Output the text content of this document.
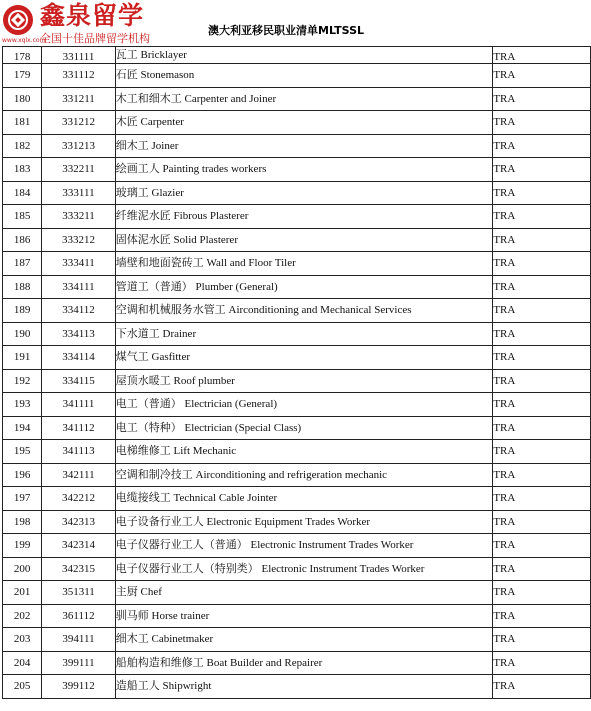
鑫泉留学
www.xqlx.com
全国十佳品牌留学机构
澳大利亚移民职业清单MLTSSL
178	331111	瓦工 Bricklayer	TRA
179	331112	石匠 Stonemason	TRA
180	331211	木工和细木工 Carpenter and Joiner	TRA
181	331212	木匠 Carpenter	TRA
182	331213	细木工 Joiner	TRA
183	332211	绘画工人 Painting trades workers	TRA
184	333111	玻璃工 Glazier	TRA
185	333211	纤维泥水匠 Fibrous Plasterer	TRA
186	333212	固体泥水匠 Solid Plasterer	TRA
187	333411	墙壁和地面瓷砖工 Wall and Floor Tiler	TRA
188	334111	管道工（普通） Plumber (General)	TRA
189	334112	空调和机械服务水管工 Airconditioning and Mechanical Services	TRA
190	334113	下水道工 Drainer	TRA
191	334114	煤气工 Gasfitter	TRA
192	334115	屋顶水暖工 Roof plumber	TRA
193	341111	电工（普通） Electrician (General)	TRA
194	341112	电工（特种） Electrician (Special Class)	TRA
195	341113	电梯维修工 Lift Mechanic	TRA
196	342111	空调和制冷技工 Airconditioning and refrigeration mechanic	TRA
197	342212	电缆接线工 Technical Cable Jointer	TRA
198	342313	电子设备行业工人 Electronic Equipment Trades Worker	TRA
199	342314	电子仪器行业工人（普通） Electronic Instrument Trades Worker	TRA
200	342315	电子仪器行业工人（特别类） Electronic Instrument Trades Worker	TRA
201	351311	主厨 Chef	TRA
202	361112	驯马师 Horse trainer	TRA
203	394111	细木工 Cabinetmaker	TRA
204	399111	船舶构造和维修工 Boat Builder and Repairer	TRA
205	399112	造船工人 Shipwright	TRA
